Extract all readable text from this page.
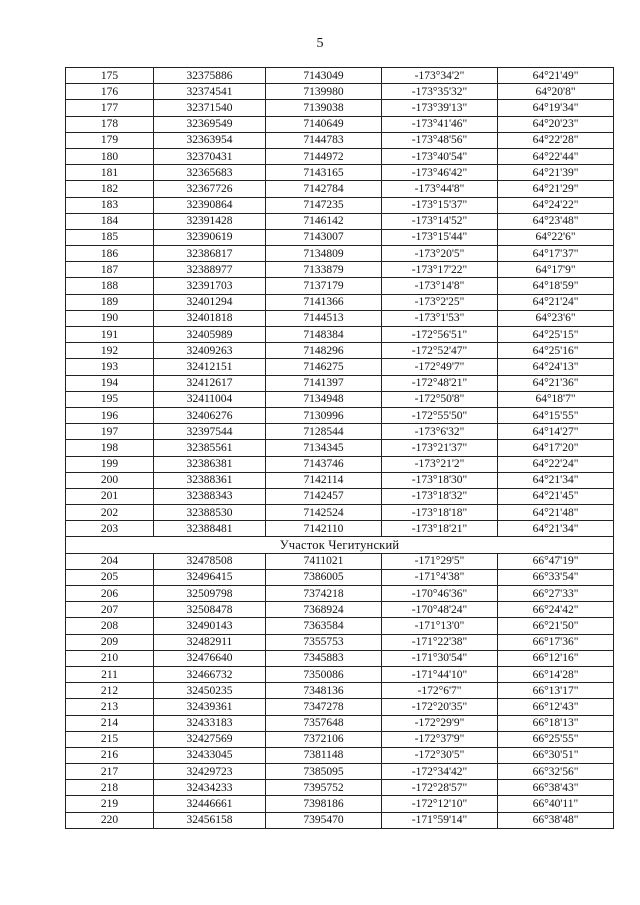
5
175	32375886	7143049	-173°34'2"	64°21'49"
176	32374541	7139980	-173°35'32"	64°20'8"
177	32371540	7139038	-173°39'13"	64°19'34"
178	32369549	7140649	-173°41'46"	64°20'23"
179	32363954	7144783	-173°48'56"	64°22'28"
180	32370431	7144972	-173°40'54"	64°22'44"
181	32365683	7143165	-173°46'42"	64°21'39"
182	32367726	7142784	-173°44'8"	64°21'29"
183	32390864	7147235	-173°15'37"	64°24'22"
184	32391428	7146142	-173°14'52"	64°23'48"
185	32390619	7143007	-173°15'44"	64°22'6"
186	32386817	7134809	-173°20'5"	64°17'37"
187	32388977	7133879	-173°17'22"	64°17'9"
188	32391703	7137179	-173°14'8"	64°18'59"
189	32401294	7141366	-173°2'25"	64°21'24"
190	32401818	7144513	-173°1'53"	64°23'6"
191	32405989	7148384	-172°56'51"	64°25'15"
192	32409263	7148296	-172°52'47"	64°25'16"
193	32412151	7146275	-172°49'7"	64°24'13"
194	32412617	7141397	-172°48'21"	64°21'36"
195	32411004	7134948	-172°50'8"	64°18'7"
196	32406276	7130996	-172°55'50"	64°15'55"
197	32397544	7128544	-173°6'32"	64°14'27"
198	32385561	7134345	-173°21'37"	64°17'20"
199	32386381	7143746	-173°21'2"	64°22'24"
200	32388361	7142114	-173°18'30"	64°21'34"
201	32388343	7142457	-173°18'32"	64°21'45"
202	32388530	7142524	-173°18'18"	64°21'48"
203	32388481	7142110	-173°18'21"	64°21'34"
Участок Чегитунский				
204	32478508	7411021	-171°29'5"	66°47'19"
205	32496415	7386005	-171°4'38"	66°33'54"
206	32509798	7374218	-170°46'36"	66°27'33"
207	32508478	7368924	-170°48'24"	66°24'42"
208	32490143	7363584	-171°13'0"	66°21'50"
209	32482911	7355753	-171°22'38"	66°17'36"
210	32476640	7345883	-171°30'54"	66°12'16"
211	32466732	7350086	-171°44'10"	66°14'28"
212	32450235	7348136	-172°6'7"	66°13'17"
213	32439361	7347278	-172°20'35"	66°12'43"
214	32433183	7357648	-172°29'9"	66°18'13"
215	32427569	7372106	-172°37'9"	66°25'55"
216	32433045	7381148	-172°30'5"	66°30'51"
217	32429723	7385095	-172°34'42"	66°32'56"
218	32434233	7395752	-172°28'57"	66°38'43"
219	32446661	7398186	-172°12'10"	66°40'11"
220	32456158	7395470	-171°59'14"	66°38'48"
